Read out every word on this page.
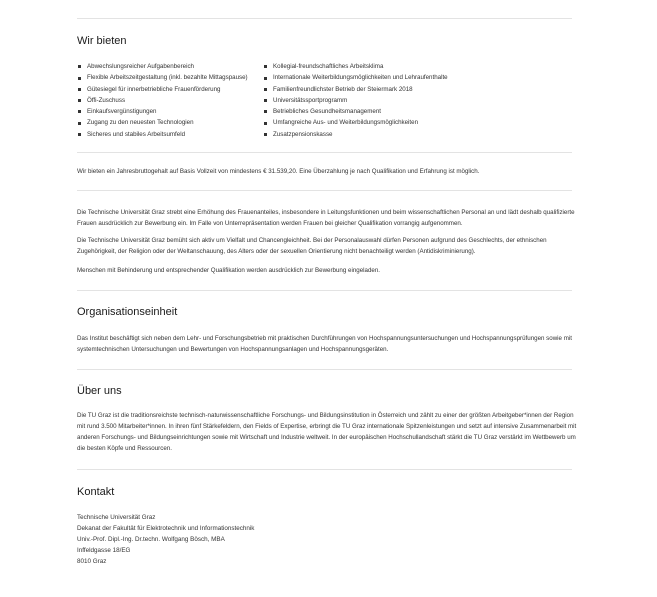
Wir bieten
Abwechslungsreicher Aufgabenbereich
Flexible Arbeitszeitgestaltung (inkl. bezahlte Mittagspause)
Gütesiegel für innerbetriebliche Frauenförderung
Öffi-Zuschuss
Einkaufsvergünstigungen
Zugang zu den neuesten Technologien
Sicheres und stabiles Arbeitsumfeld
Kollegial-freundschaftliches Arbeitsklima
Internationale Weiterbildungsmöglichkeiten und Lehraufenthalte
Familienfreundlichster Betrieb der Steiermark 2018
Universitätssportprogramm
Betriebliches Gesundheitsmanagement
Umfangreiche Aus- und Weiterbildungsmöglichkeiten
Zusatzpensionskasse

Wir bieten ein Jahresbruttogehalt auf Basis Vollzeit von mindestens € 31.539,20. Eine Überzahlung je nach Qualifikation und Erfahrung ist möglich.

Die Technische Universität Graz strebt eine Erhöhung des Frauenanteiles, insbesondere in Leitungsfunktionen und beim wissenschaftlichen Personal an und lädt deshalb qualifizierte Frauen ausdrücklich zur Bewerbung ein. Im Falle von Unterrepräsentation werden Frauen bei gleicher Qualifikation vorrangig aufgenommen.

Die Technische Universität Graz bemüht sich aktiv um Vielfalt und Chancengleichheit. Bei der Personalauswahl dürfen Personen aufgrund des Geschlechts, der ethnischen Zugehörigkeit, der Religion oder der Weltanschauung, des Alters oder der sexuellen Orientierung nicht benachteiligt werden (Antidiskriminierung).

Menschen mit Behinderung und entsprechender Qualifikation werden ausdrücklich zur Bewerbung eingeladen.

Organisationseinheit

Das Institut beschäftigt sich neben dem Lehr- und Forschungsbetrieb mit praktischen Durchführungen von Hochspannungsuntersuchungen und Hochspannungsprüfungen sowie mit systemtechnischen Untersuchungen und Bewertungen von Hochspannungsanlagen und Hochspannungsgeräten.

Über uns

Die TU Graz ist die traditionsreichste technisch-naturwissenschaftliche Forschungs- und Bildungsinstitution in Österreich und zählt zu einer der größten Arbeitgeber*innen der Region mit rund 3.500 Mitarbeiter*innen. In ihren fünf Stärkefeldern, den Fields of Expertise, erbringt die TU Graz internationale Spitzenleistungen und setzt auf intensive Zusammenarbeit mit anderen Forschungs- und Bildungseinrichtungen sowie mit Wirtschaft und Industrie weltweit. In der europäischen Hochschullandschaft stärkt die TU Graz verstärkt im Wettbewerb um die besten Köpfe und Ressourcen.

Kontakt
Technische Universität Graz
Dekanat der Fakultät für Elektrotechnik und Informationstechnik
Univ.-Prof. Dipl.-Ing. Dr.techn. Wolfgang Bösch, MBA
Inffeldgasse 18/EG
8010 Graz
